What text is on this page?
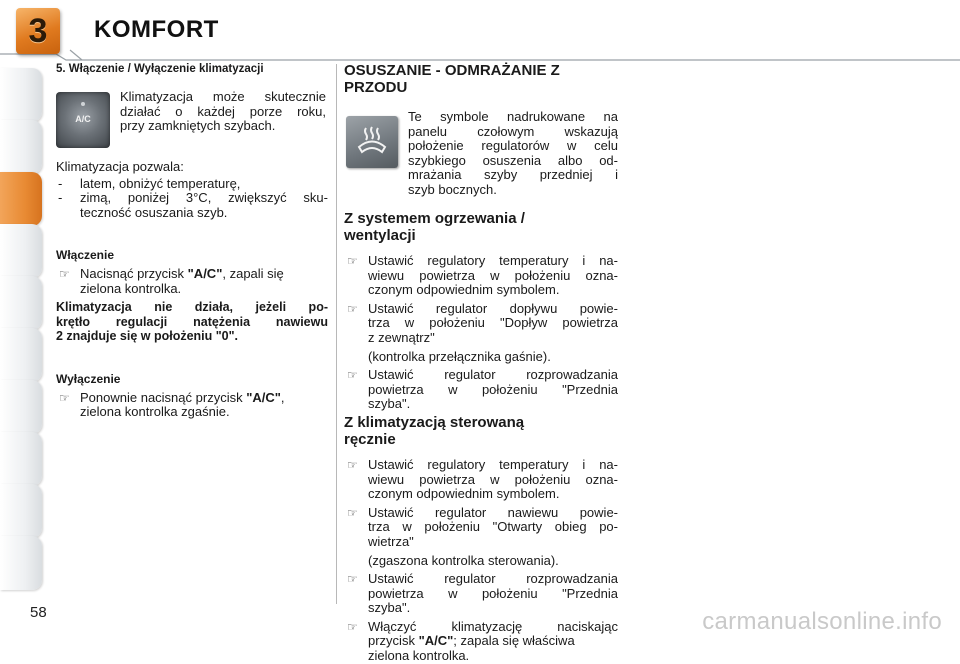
3	KOMFORT

5. Włączenie / Wyłączenie klimatyzacji

A/C

Klimatyzacja może skutecznie

działać o każdej porze roku,

przy zamkniętych szybach.

Klimatyzacja pozwala:

- latem, obniżyć temperaturę,
- zimą, poniżej 3°C, zwiększyć sku-
teczność osuszania szyb.

Włączenie

☞ Nacisnąć przycisk "A/C", zapali się
zielona kontrolka.

Klimatyzacja nie działa, jeżeli po-

krętło regulacji natężenia nawiewu

2 znajduje się w położeniu "0".

Wyłączenie

☞ Ponownie nacisnąć przycisk "A/C",
zielona kontrolka zgaśnie.

OSUSZANIE - ODMRAŻANIE Z

PRZODU

Te symbole nadrukowane na

panelu czołowym wskazują

położenie regulatorów w celu

szybkiego osuszenia albo od-

mrażania szyby przedniej i

szyb bocznych.

Z systemem ogrzewania /

wentylacji

☞ Ustawić regulatory temperatury i na-
wiewu powietrza w położeniu ozna-
czonym odpowiednim symbolem.
☞ Ustawić regulator dopływu powie-
trza w położeniu "Dopływ powietrza
z zewnątrz"
(kontrolka przełącznika gaśnie).
☞ Ustawić regulator rozprowadzania
powietrza w położeniu "Przednia
szyba".

Z klimatyzacją sterowaną

ręcznie

☞ Ustawić regulatory temperatury i na-
wiewu powietrza w położeniu ozna-
czonym odpowiednim symbolem.
☞ Ustawić regulator nawiewu powie-
trza w położeniu "Otwarty obieg po-
wietrza"
(zgaszona kontrolka sterowania).
☞ Ustawić regulator rozprowadzania
powietrza w położeniu "Przednia
szyba".
☞ Włączyć klimatyzację naciskając
przycisk "A/C"; zapala się właściwa
zielona kontrolka.
58	carmanualsonline.info
